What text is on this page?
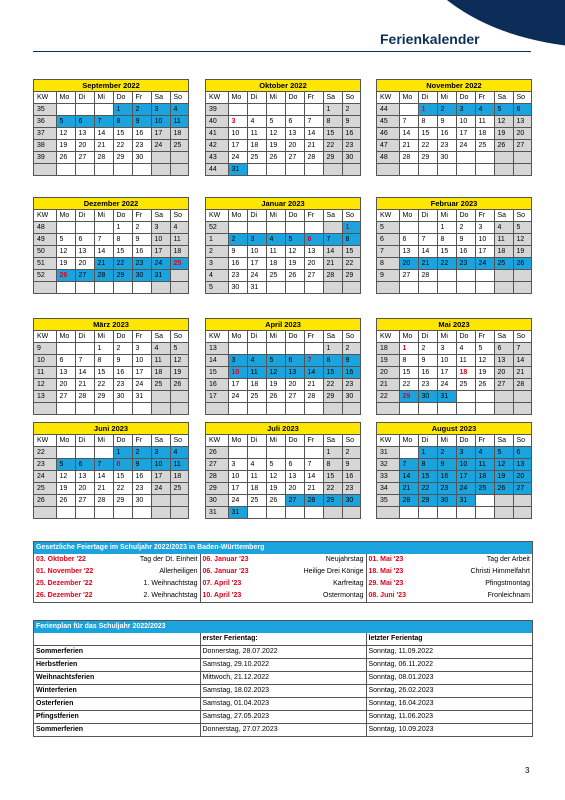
Ferienkalender
September 2022
KW	Mo	Di	Mi	Do	Fr	Sa	So
35				1	2	3	4
36	5	6	7	8	9	10	11
37	12	13	14	15	16	17	18
38	19	20	21	22	23	24	25
39	26	27	28	29	30		

Oktober 2022
KW	Mo	Di	Mi	Do	Fr	Sa	So
39						1	2
40	3	4	5	6	7	8	9
41	10	11	12	13	14	15	16
42	17	18	19	20	21	22	23
43	24	25	26	27	28	29	30
44	31						
November 2022
KW	Mo	Di	Mi	Do	Fr	Sa	So
44		1	2	3	4	5	6
45	7	8	9	10	11	12	13
46	14	15	16	17	18	19	20
47	21	22	23	24	25	26	27
48	28	29	30				

Dezember 2022
KW	Mo	Di	Mi	Do	Fr	Sa	So
48				1	2	3	4
49	5	6	7	8	9	10	11
50	12	13	14	15	16	17	18
51	19	20	21	22	23	24	25
52	26	27	28	29	30	31	

Januar 2023
KW	Mo	Di	Mi	Do	Fr	Sa	So
52							1
1	2	3	4	5	6	7	8
2	9	10	11	12	13	14	15
3	16	17	18	19	20	21	22
4	23	24	25	26	27	28	29
5	30	31					
Februar 2023
KW	Mo	Di	Mi	Do	Fr	Sa	So
5			1	2	3	4	5
6	6	7	8	9	10	11	12
7	13	14	15	16	17	18	19
8	20	21	22	23	24	25	26
9	27	28					

März 2023
KW	Mo	Di	Mi	Do	Fr	Sa	So
9			1	2	3	4	5
10	6	7	8	9	10	11	12
11	13	14	15	16	17	18	19
12	20	21	22	23	24	25	26
13	27	28	29	30	31		

April 2023
KW	Mo	Di	Mi	Do	Fr	Sa	So
13						1	2
14	3	4	5	6	7	8	9
15	10	11	12	13	14	15	16
16	17	18	19	20	21	22	23
17	24	25	26	27	28	29	30

Mai 2023
KW	Mo	Di	Mi	Do	Fr	Sa	So
18	1	2	3	4	5	6	7
19	8	9	10	11	12	13	14
20	15	16	17	18	19	20	21
21	22	23	24	25	26	27	28
22	29	30	31				

Juni 2023
KW	Mo	Di	Mi	Do	Fr	Sa	So
22				1	2	3	4
23	5	6	7	8	9	10	11
24	12	13	14	15	16	17	18
25	19	20	21	22	23	24	25
26	26	27	28	29	30		

Juli 2023
KW	Mo	Di	Mi	Do	Fr	Sa	So
26						1	2
27	3	4	5	6	7	8	9
28	10	11	12	13	14	15	16
29	17	18	19	20	21	22	23
30	24	25	26	27	28	29	30
31	31						
August 2023
KW	Mo	Di	Mi	Do	Fr	Sa	So
31		1	2	3	4	5	6
32	7	8	9	10	11	12	13
33	14	15	16	17	18	19	20
34	21	22	23	24	25	26	27
35	28	29	30	31			

Gesetzliche Feiertage im Schuljahr 2022/2023 in Baden-Württemberg
03. Oktober '22	Tag der Dt. Einheit	06. Januar '23	Neujahrstag	01. Mai '23	Tag der Arbeit
01. November '22	Allerheiligen	06. Januar '23	Heilige Drei Könige	18. Mai '23	Christi Himmelfahrt
25. Dezember '22	1. Weihnachtstag	07. April '23	Karfreitag	29. Mai '23	Pfingstmontag
26. Dezember '22	2. Weihnachtstag	10. April '23	Ostermontag	08. Juni '23	Fronleichnam
Ferienplan für das Schuljahr 2022/2023
	erster Ferientag:	letzter Ferientag
Sommerferien	Donnerstag, 28.07.2022	Sonntag, 11.09.2022
Herbstferien	Samstag, 29.10.2022	Sonntag, 06.11.2022
Weihnachtsferien	Mittwoch, 21.12.2022	Sonntag, 08.01.2023
Winterferien	Samstag, 18.02.2023	Sonntag, 26.02.2023
Osterferien	Samstag, 01.04.2023	Sonntag, 16.04.2023
Pfingstferien	Samstag, 27.05.2023	Sonntag, 11.06.2023
Sommerferien	Donnerstag, 27.07.2023	Sonntag, 10.09.2023
3
